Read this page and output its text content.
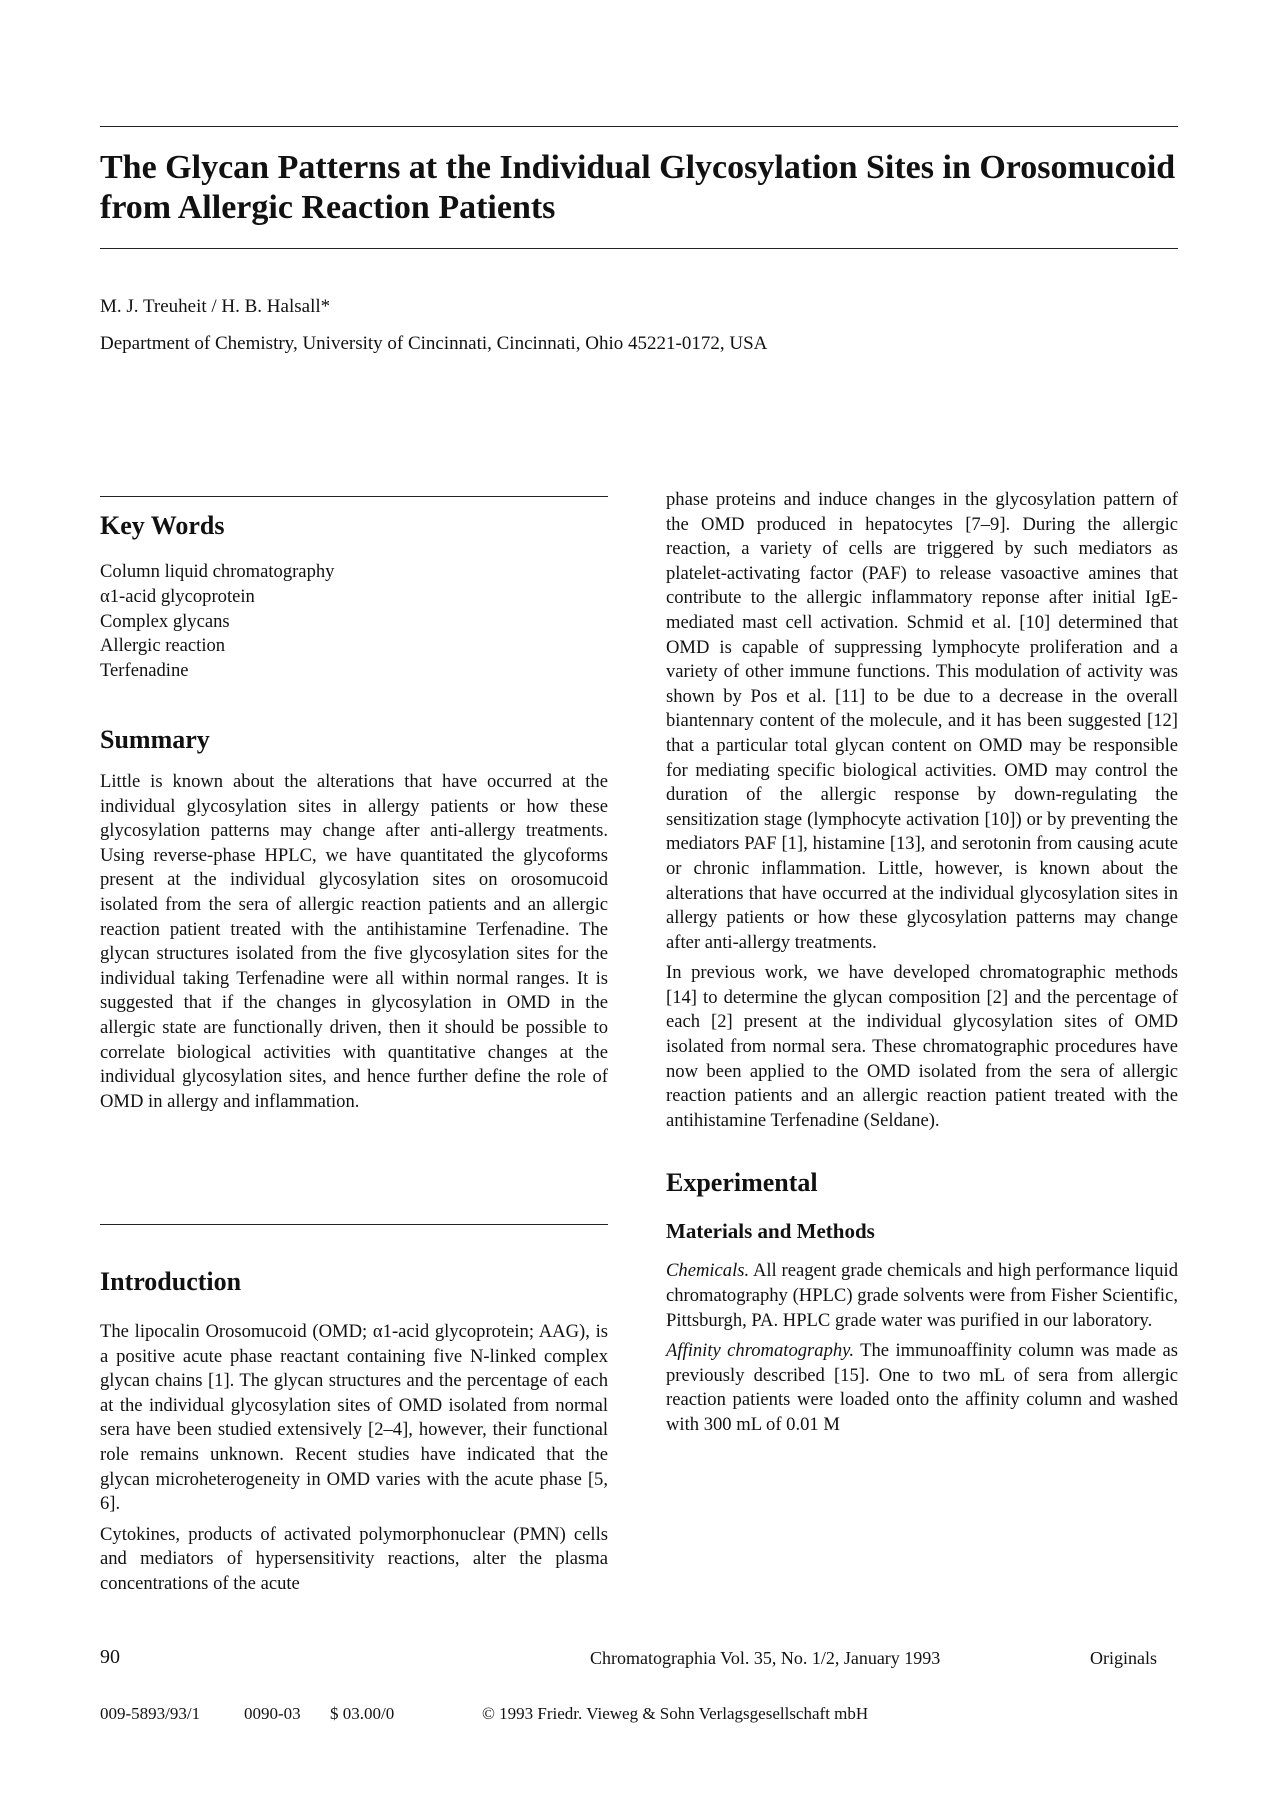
The Glycan Patterns at the Individual Glycosylation Sites in Orosomucoid from Allergic Reaction Patients
M. J. Treuheit / H. B. Halsall*
Department of Chemistry, University of Cincinnati, Cincinnati, Ohio 45221-0172, USA
Key Words
Column liquid chromatography
α1-acid glycoprotein
Complex glycans
Allergic reaction
Terfenadine
Summary

Little is known about the alterations that have occurred at the individual glycosylation sites in allergy patients or how these glycosylation patterns may change after anti-allergy treatments. Using reverse-phase HPLC, we have quantitated the glycoforms present at the individual glycosylation sites on orosomucoid isolated from the sera of allergic reaction patients and an allergic reaction patient treated with the antihistamine Terfenadine. The glycan structures isolated from the five glycosylation sites for the individual taking Terfenadine were all within normal ranges. It is suggested that if the changes in glycosylation in OMD in the allergic state are functionally driven, then it should be possible to correlate biological activities with quantitative changes at the individual glycosylation sites, and hence further define the role of OMD in allergy and inflammation.

Introduction

The lipocalin Orosomucoid (OMD; α1-acid glycoprotein; AAG), is a positive acute phase reactant containing five N-linked complex glycan chains [1]. The glycan structures and the percentage of each at the individual glycosylation sites of OMD isolated from normal sera have been studied extensively [2–4], however, their functional role remains unknown. Recent studies have indicated that the glycan microheterogeneity in OMD varies with the acute phase [5, 6].

Cytokines, products of activated polymorphonuclear (PMN) cells and mediators of hypersensitivity reactions, alter the plasma concentrations of the acute

phase proteins and induce changes in the glycosylation pattern of the OMD produced in hepatocytes [7–9]. During the allergic reaction, a variety of cells are triggered by such mediators as platelet-activating factor (PAF) to release vasoactive amines that contribute to the allergic inflammatory reponse after initial IgE-mediated mast cell activation. Schmid et al. [10] determined that OMD is capable of suppressing lymphocyte proliferation and a variety of other immune functions. This modulation of activity was shown by Pos et al. [11] to be due to a decrease in the overall biantennary content of the molecule, and it has been suggested [12] that a particular total glycan content on OMD may be responsible for mediating specific biological activities. OMD may control the duration of the allergic response by down-regulating the sensitization stage (lymphocyte activation [10]) or by preventing the mediators PAF [1], histamine [13], and serotonin from causing acute or chronic inflammation. Little, however, is known about the alterations that have occurred at the individual glycosylation sites in allergy patients or how these glycosylation patterns may change after anti-allergy treatments.

In previous work, we have developed chromatographic methods [14] to determine the glycan composition [2] and the percentage of each [2] present at the individual glycosylation sites of OMD isolated from normal sera. These chromatographic procedures have now been applied to the OMD isolated from the sera of allergic reaction patients and an allergic reaction patient treated with the antihistamine Terfenadine (Seldane).

Experimental
Materials and Methods

Chemicals. All reagent grade chemicals and high performance liquid chromatography (HPLC) grade solvents were from Fisher Scientific, Pittsburgh, PA. HPLC grade water was purified in our laboratory.

Affinity chromatography. The immunoaffinity column was made as previously described [15]. One to two mL of sera from allergic reaction patients were loaded onto the affinity column and washed with 300 mL of 0.01 M

90	Chromatographia Vol. 35, No. 1/2, January 1993	Originals
009-5893/93/1	0090-03 $ 03.00/0	© 1993 Friedr. Vieweg & Sohn Verlagsgesellschaft mbH
